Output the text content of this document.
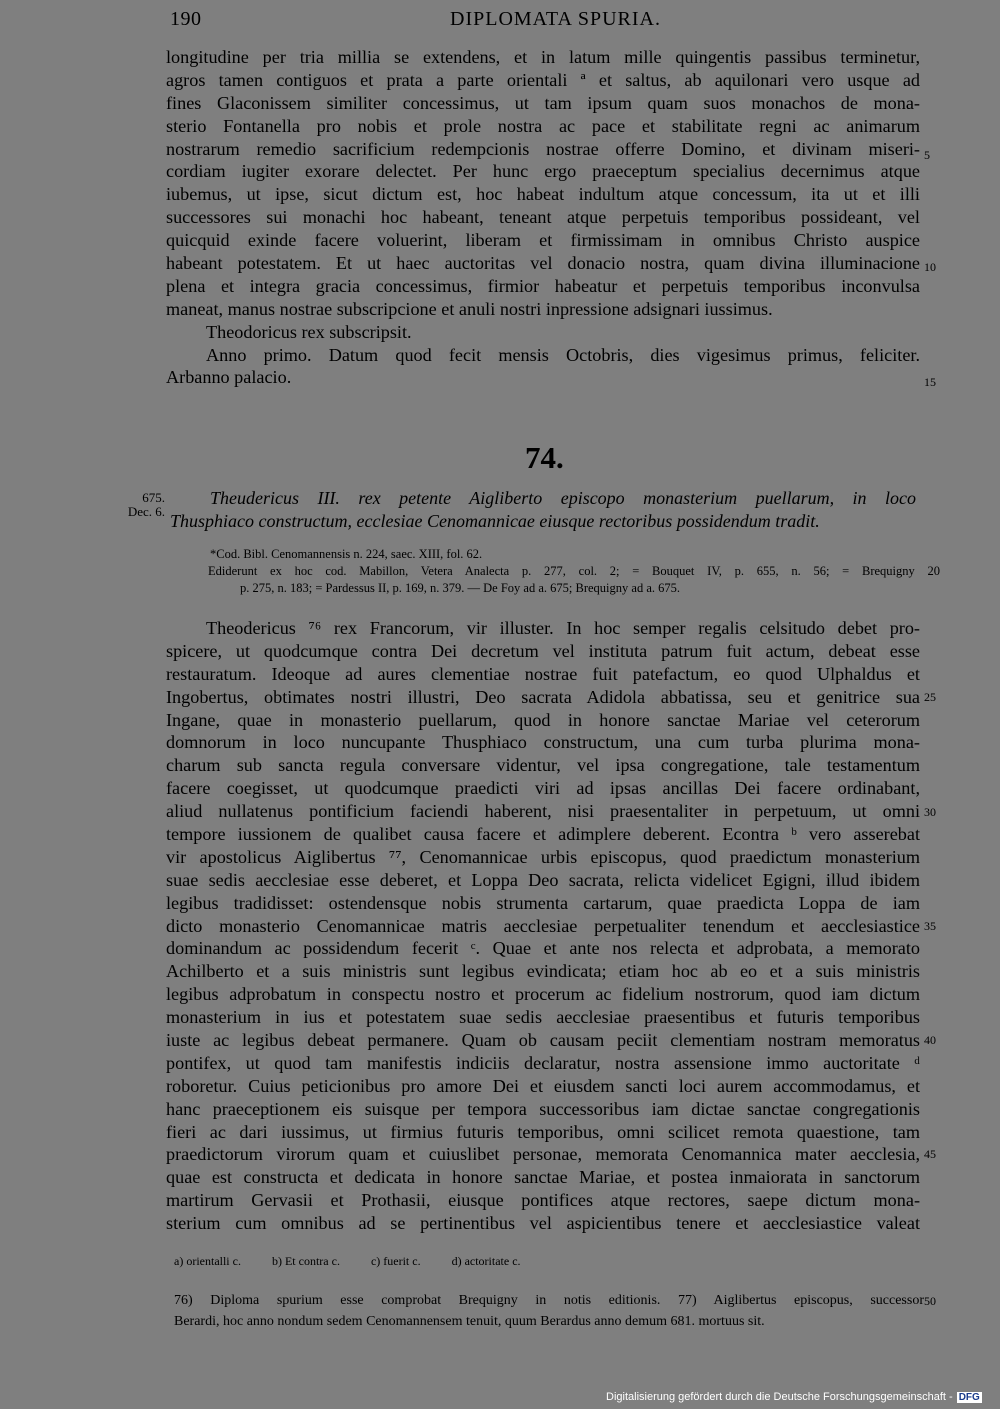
190	DIPLOMATA SPURIA.
longitudine per tria millia se extendens, et in latum mille quingentis passibus terminetur,
agros tamen contiguos et prata a parte orientali ª et saltus, ab aquilonari vero usque ad
fines Glaconissem similiter concessimus, ut tam ipsum quam suos monachos de mona-
sterio Fontanella pro nobis et prole nostra ac pace et stabilitate regni ac animarum
nostrarum remedio sacrificium redempcionis nostrae offerre Domino, et divinam miseri-
cordiam iugiter exorare delectet. Per hunc ergo praeceptum specialius decernimus atque
iubemus, ut ipse, sicut dictum est, hoc habeat indultum atque concessum, ita ut et illi
successores sui monachi hoc habeant, teneant atque perpetuis temporibus possideant, vel
quicquid exinde facere voluerint, liberam et firmissimam in omnibus Christo auspice
habeant potestatem. Et ut haec auctoritas vel donacio nostra, quam divina illuminacione
plena et integra gracia concessimus, firmior habeatur et perpetuis temporibus inconvulsa
maneat, manus nostrae subscripcione et anuli nostri inpressione adsignari iussimus.
Theodoricus rex subscripsit.
Anno primo. Datum quod fecit mensis Octobris, dies vigesimus primus, feliciter.
Arbanno palacio.
5
10
15
74.
675.
Dec. 6.
Theudericus III. rex petente Aigliberto episcopo monasterium puellarum, in loco
Thusphiaco constructum, ecclesiae Cenomannicae eiusque rectoribus possidendum tradit.
*Cod. Bibl. Cenomannensis n. 224, saec. XIII, fol. 62.
Ediderunt ex hoc cod. Mabillon, Vetera Analecta p. 277, col. 2; = Bouquet IV, p. 655, n. 56; = Brequigny 20
p. 275, n. 183; = Pardessus II, p. 169, n. 379. — De Foy ad a. 675; Brequigny ad a. 675.
Theodericus ⁷⁶ rex Francorum, vir illuster. In hoc semper regalis celsitudo debet pro-
spicere, ut quodcumque contra Dei decretum vel instituta patrum fuit actum, debeat esse
restauratum. Ideoque ad aures clementiae nostrae fuit patefactum, eo quod Ulphaldus et
Ingobertus, obtimates nostri illustri, Deo sacrata Adidola abbatissa, seu et genitrice sua
Ingane, quae in monasterio puellarum, quod in honore sanctae Mariae vel ceterorum
domnorum in loco nuncupante Thusphiaco constructum, una cum turba plurima mona-
charum sub sancta regula conversare videntur, vel ipsa congregatione, tale testamentum
facere coegisset, ut quodcumque praedicti viri ad ipsas ancillas Dei facere ordinabant,
aliud nullatenus pontificium faciendi haberent, nisi praesentaliter in perpetuum, ut omni
tempore iussionem de qualibet causa facere et adimplere deberent. Econtra ᵇ vero asserebat
vir apostolicus Aiglibertus ⁷⁷, Cenomannicae urbis episcopus, quod praedictum monasterium
suae sedis aecclesiae esse deberet, et Loppa Deo sacrata, relicta videlicet Egigni, illud ibidem
legibus tradidisset: ostendensque nobis strumenta cartarum, quae praedicta Loppa de iam
dicto monasterio Cenomannicae matris aecclesiae perpetualiter tenendum et aecclesiastice
dominandum ac possidendum fecerit ᶜ. Quae et ante nos relecta et adprobata, a memorato
Achilberto et a suis ministris sunt legibus evindicata; etiam hoc ab eo et a suis ministris
legibus adprobatum in conspectu nostro et procerum ac fidelium nostrorum, quod iam dictum
monasterium in ius et potestatem suae sedis aecclesiae praesentibus et futuris temporibus
iuste ac legibus debeat permanere. Quam ob causam peciit clementiam nostram memoratus
pontifex, ut quod tam manifestis indiciis declaratur, nostra assensione immo auctoritate ᵈ
roboretur. Cuius peticionibus pro amore Dei et eiusdem sancti loci aurem accommodamus, et
hanc praeceptionem eis suisque per tempora successoribus iam dictae sanctae congregationis
fieri ac dari iussimus, ut firmius futuris temporibus, omni scilicet remota quaestione, tam
praedictorum virorum quam et cuiuslibet personae, memorata Cenomannica mater aecclesia,
quae est constructa et dedicata in honore sanctae Mariae, et postea inmaiorata in sanctorum
martirum Gervasii et Prothasii, eiusque pontifices atque rectores, saepe dictum mona-
sterium cum omnibus ad se pertinentibus vel aspicientibus tenere et aecclesiastice valeat
25
30
35
40
45
a) orientalli c.	b) Et contra c.	c) fuerit c.	d) actoritate c.
76) Diploma spurium esse comprobat Brequigny in notis editionis. 77) Aiglibertus episcopus, successor
Berardi, hoc anno nondum sedem Cenomannensem tenuit, quum Berardus anno demum 681. mortuus sit.
50
Digitalisierung gefördert durch die Deutsche Forschungsgemeinschaft - DFG
